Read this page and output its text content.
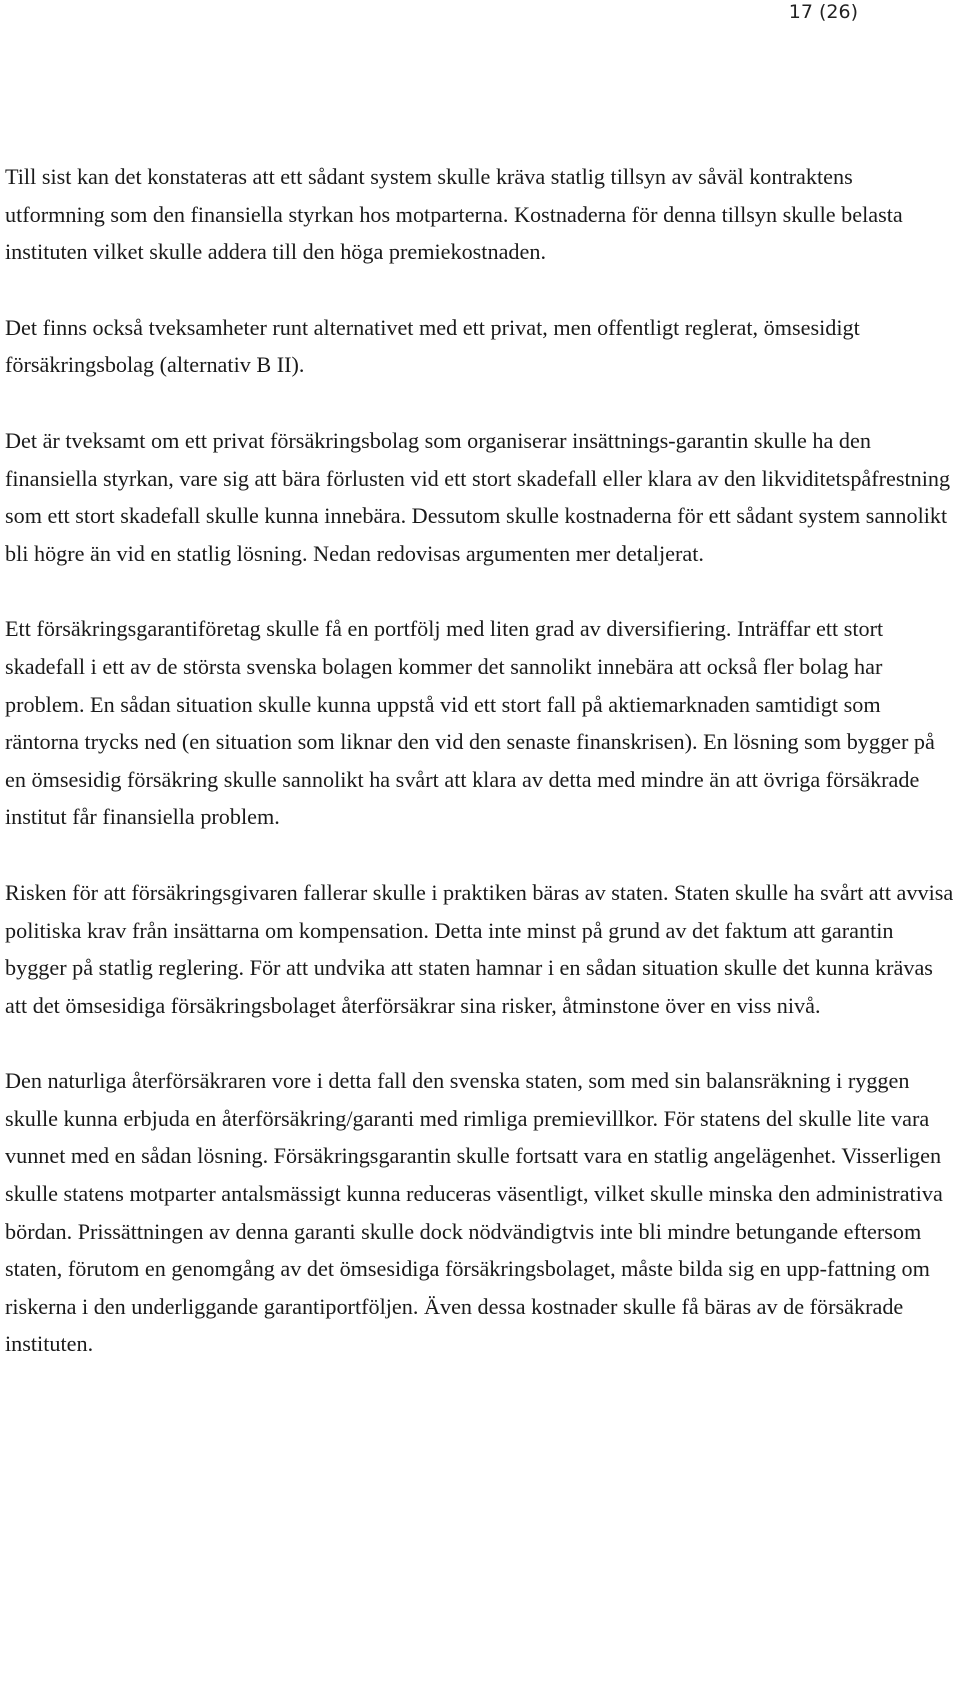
17 (26)

Till sist kan det konstateras att ett sådant system skulle kräva statlig tillsyn av såväl kontraktens utformning som den finansiella styrkan hos motparterna. Kostnaderna för denna tillsyn skulle belasta instituten vilket skulle addera till den höga premiekostnaden.

Det finns också tveksamheter runt alternativet med ett privat, men offentligt reglerat, ömsesidigt försäkringsbolag (alternativ B II).

Det är tveksamt om ett privat försäkringsbolag som organiserar insättnings-garantin skulle ha den finansiella styrkan, vare sig att bära förlusten vid ett stort skadefall eller klara av den likviditetspåfrestning som ett stort skadefall skulle kunna innebära. Dessutom skulle kostnaderna för ett sådant system sannolikt bli högre än vid en statlig lösning. Nedan redovisas argumenten mer detaljerat.

Ett försäkringsgarantiföretag skulle få en portfölj med liten grad av diversifiering. Inträffar ett stort skadefall i ett av de största svenska bolagen kommer det sannolikt innebära att också fler bolag har problem. En sådan situation skulle kunna uppstå vid ett stort fall på aktiemarknaden samtidigt som räntorna trycks ned (en situation som liknar den vid den senaste finanskrisen). En lösning som bygger på en ömsesidig försäkring skulle sannolikt ha svårt att klara av detta med mindre än att övriga försäkrade institut får finansiella problem.

Risken för att försäkringsgivaren fallerar skulle i praktiken bäras av staten. Staten skulle ha svårt att avvisa politiska krav från insättarna om kompensation. Detta inte minst på grund av det faktum att garantin bygger på statlig reglering. För att undvika att staten hamnar i en sådan situation skulle det kunna krävas att det ömsesidiga försäkringsbolaget återförsäkrar sina risker, åtminstone över en viss nivå.

Den naturliga återförsäkraren vore i detta fall den svenska staten, som med sin balansräkning i ryggen skulle kunna erbjuda en återförsäkring/garanti med rimliga premievillkor. För statens del skulle lite vara vunnet med en sådan lösning. Försäkringsgarantin skulle fortsatt vara en statlig angelägenhet. Visserligen skulle statens motparter antalsmässigt kunna reduceras väsentligt, vilket skulle minska den administrativa bördan. Prissättningen av denna garanti skulle dock nödvändigtvis inte bli mindre betungande eftersom staten, förutom en genomgång av det ömsesidiga försäkringsbolaget, måste bilda sig en upp-fattning om riskerna i den underliggande garantiportföljen. Även dessa kostnader skulle få bäras av de försäkrade instituten.
